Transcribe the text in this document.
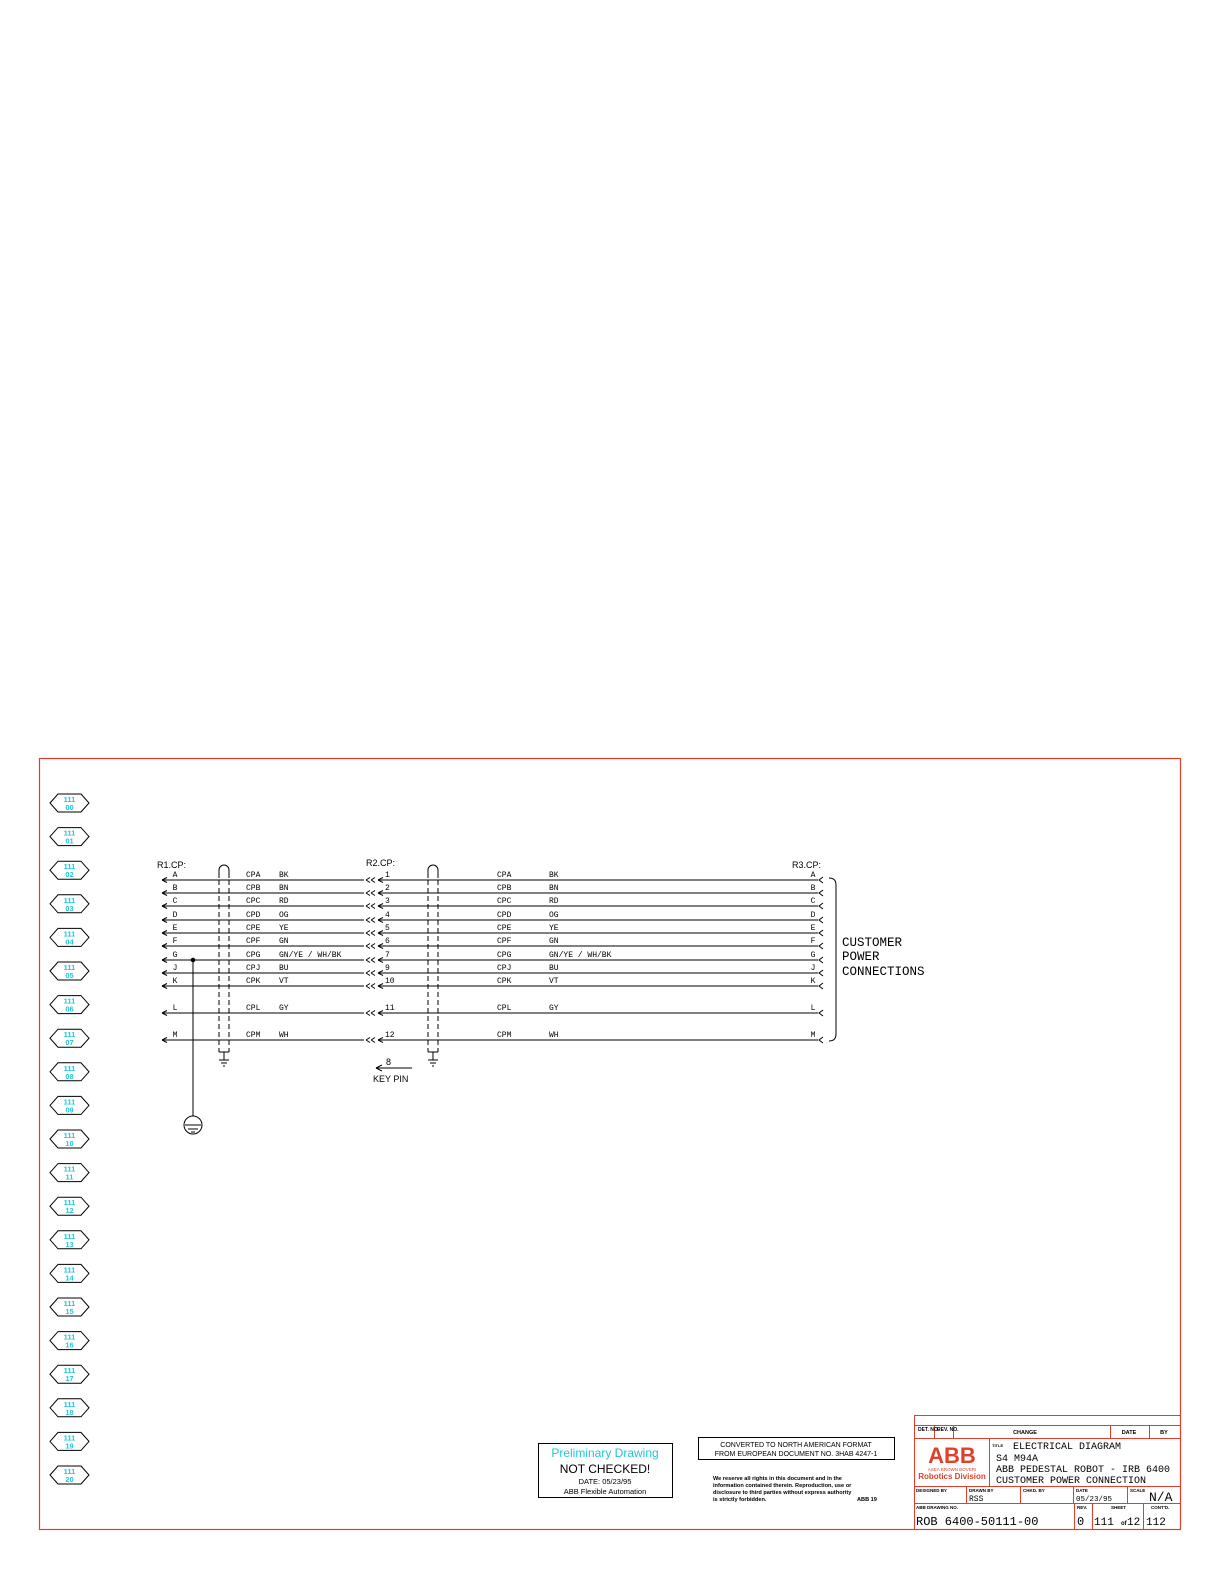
111
00
111
01
111
02
111
03
111
04
111
05
111
06
111
07
111
08
111
09
111
10
111
11
111
12
111
13
111
14
111
15
111
16
111
17
111
18
111
19
111
20
A	CPA BK	1	CPA	BK	A
B	CPB BN	2	CPB	BN	B
C	CPC RD	3	CPC	RD	C
D	CPD OG	4	CPD	OG	D
E	CPE YE	5	CPE	YE	E
F	CPF GN	6	CPF	GN	F
G	CPG GN/YE / WH/BK	7	CPG	GN/YE / WH/BK	G
J	CPJ BU	9	CPJ	BU	J
K	CPK VT	10	CPK	VT	K
L	CPL GY	11	CPL	GY	L
M	CPM WH	12	CPM	WH	M
R1.CP:	R2.CP:	R3.CP:
8
KEY PIN
CUSTOMER
POWER
CONNECTIONS
Preliminary Drawing
NOT CHECKED!
DATE: 05/23/95
ABB Flexible Automation
CONVERTED TO NORTH AMERICAN FORMAT
FROM EUROPEAN DOCUMENT NO. 3HAB 4247-1
We reserve all rights in this document and in the
information contained therein. Reproduction, use or
disclosure to third parties without express authority
is strictly forbidden.	ABB 19
DET. NO.
REV. NO.	CHANGE	DATE	BY
ABB
ASEA BROWN BOVERI
Robotics Division
TITLE ELECTRICAL DIAGRAM
S4 M94A
ABB PEDESTAL ROBOT - IRB 6400
CUSTOMER POWER CONNECTION
DESIGNED BY	DRAWN BY
RSS
CHKD. BY	DATE
05/23/95
SCALE N/A
ABB DRAWING NO.
ROB 6400-50111-00
REV.
0
SHEET
111 of 12
CONT'D.
112
